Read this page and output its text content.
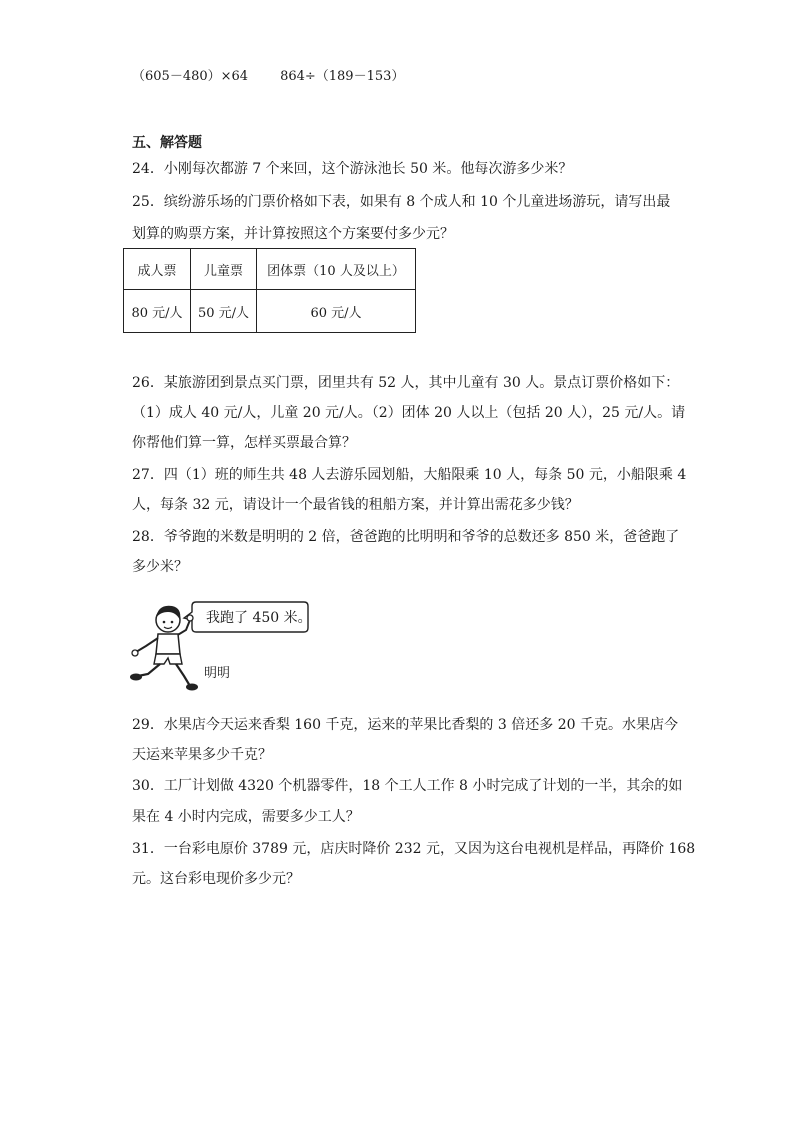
（605－480）×64 864÷（189－153）
五、解答题
24．小刚每次都游 7 个来回，这个游泳池长 50 米。他每次游多少米？
25．缤纷游乐场的门票价格如下表，如果有 8 个成人和 10 个儿童进场游玩，请写出最
划算的购票方案，并计算按照这个方案要付多少元？
成人票	儿童票	团体票（10 人及以上）
80 元/人	50 元/人	60 元/人
26．某旅游团到景点买门票，团里共有 52 人，其中儿童有 30 人。景点订票价格如下：
（1）成人 40 元/人，儿童 20 元/人。（2）团体 20 人以上（包括 20 人），25 元/人。请
你帮他们算一算，怎样买票最合算？
27．四（1）班的师生共 48 人去游乐园划船，大船限乘 10 人，每条 50 元，小船限乘 4
人，每条 32 元，请设计一个最省钱的租船方案，并计算出需花多少钱？
28．爷爷跑的米数是明明的 2 倍，爸爸跑的比明明和爷爷的总数还多 850 米，爸爸跑了
多少米？
我跑了 450 米。
明明
29．水果店今天运来香梨 160 千克，运来的苹果比香梨的 3 倍还多 20 千克。水果店今
天运来苹果多少千克？
30．工厂计划做 4320 个机器零件，18 个工人工作 8 小时完成了计划的一半，其余的如
果在 4 小时内完成，需要多少工人？
31．一台彩电原价 3789 元，店庆时降价 232 元，又因为这台电视机是样品，再降价 168
元。这台彩电现价多少元？
